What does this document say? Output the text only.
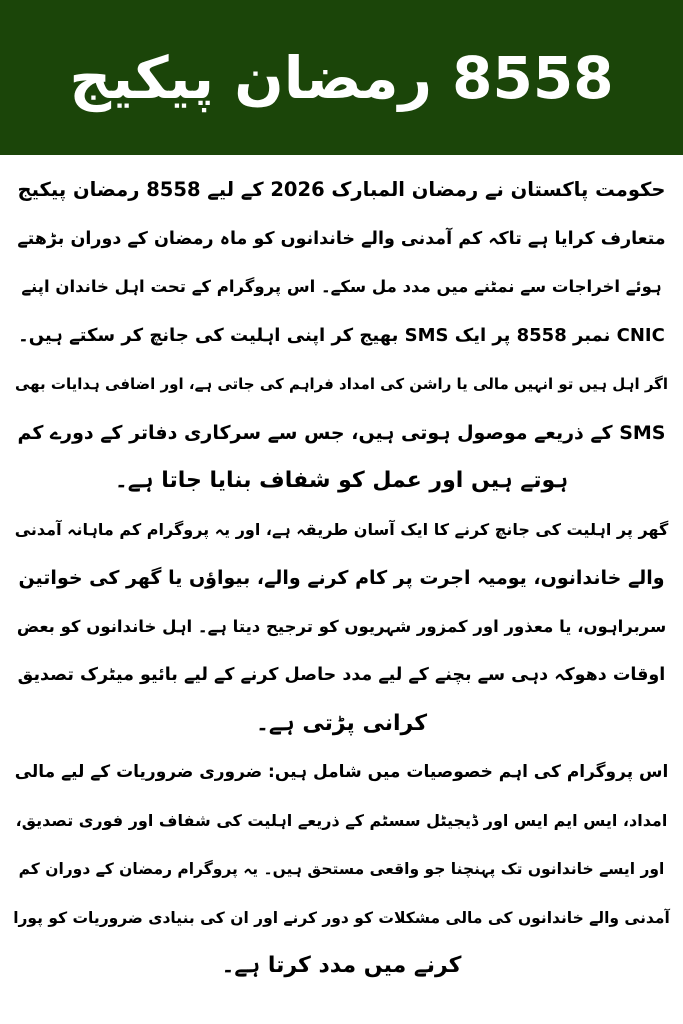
8558 رمضان پیکیج
حکومت پاکستان نے رمضان المبارک 2026 کے لیے 8558 رمضان پیکیج
متعارف کرایا ہے تاکہ کم آمدنی والے خاندانوں کو ماہ رمضان کے دوران بڑھتے
ہوئے اخراجات سے نمٹنے میں مدد مل سکے۔ اس پروگرام کے تحت اہل خاندان اپنے
CNIC نمبر 8558 پر ایک SMS بھیج کر اپنی اہلیت کی جانچ کر سکتے ہیں۔
اگر اہل ہیں تو انہیں مالی یا راشن کی امداد فراہم کی جاتی ہے، اور اضافی ہدایات بھی
SMS کے ذریعے موصول ہوتی ہیں، جس سے سرکاری دفاتر کے دورے کم
ہوتے ہیں اور عمل کو شفاف بنایا جاتا ہے۔
گھر پر اہلیت کی جانچ کرنے کا ایک آسان طریقہ ہے، اور یہ پروگرام کم ماہانہ آمدنی
والے خاندانوں، یومیہ اجرت پر کام کرنے والے، بیواؤں یا گھر کی خواتین
سربراہوں، یا معذور اور کمزور شہریوں کو ترجیح دیتا ہے۔ اہل خاندانوں کو بعض
اوقات دھوکہ دہی سے بچنے کے لیے مدد حاصل کرنے کے لیے بائیو میٹرک تصدیق
کرانی پڑتی ہے۔
اس پروگرام کی اہم خصوصیات میں شامل ہیں: ضروری ضروریات کے لیے مالی
امداد، ایس ایم ایس اور ڈیجیٹل سسٹم کے ذریعے اہلیت کی شفاف اور فوری تصدیق،
اور ایسے خاندانوں تک پہنچنا جو واقعی مستحق ہیں۔ یہ پروگرام رمضان کے دوران کم
آمدنی والے خاندانوں کی مالی مشکلات کو دور کرنے اور ان کی بنیادی ضروریات کو پورا
کرنے میں مدد کرتا ہے۔
